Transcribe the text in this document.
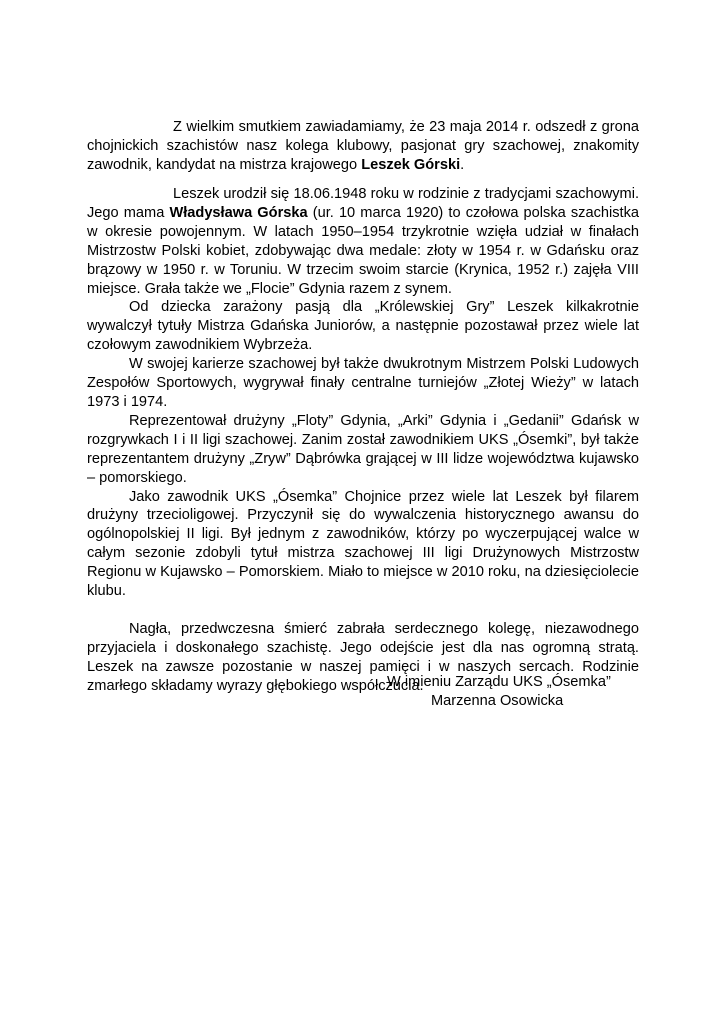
Z wielkim smutkiem zawiadamiamy, że 23 maja 2014 r. odszedł z grona chojnickich szachistów nasz kolega klubowy, pasjonat gry szachowej, znakomity zawodnik, kandydat na mistrza krajowego Leszek Górski.

Leszek urodził się 18.06.1948 roku w rodzinie z tradycjami szachowymi. Jego mama Władysława Górska (ur. 10 marca 1920) to czołowa polska szachistka w okresie powojennym. W latach 1950–1954 trzykrotnie wzięła udział w finałach Mistrzostw Polski kobiet, zdobywając dwa medale: złoty w 1954 r. w Gdańsku oraz brązowy w 1950 r. w Toruniu. W trzecim swoim starcie (Krynica, 1952 r.) zajęła VIII miejsce. Grała także we „Flocie” Gdynia razem z synem.

Od dziecka zarażony pasją dla „Królewskiej Gry” Leszek kilkakrotnie wywalczył tytuły Mistrza Gdańska Juniorów, a następnie pozostawał przez wiele lat czołowym zawodnikiem Wybrzeża.

W swojej karierze szachowej był także dwukrotnym Mistrzem Polski Ludowych Zespołów Sportowych, wygrywał finały centralne turniejów „Złotej Wieży” w latach 1973 i 1974.

Reprezentował drużyny „Floty” Gdynia, „Arki” Gdynia i „Gedanii” Gdańsk w rozgrywkach I i II ligi szachowej. Zanim został zawodnikiem UKS „Ósemki”, był także reprezentantem drużyny „Zryw” Dąbrówka grającej w III lidze województwa kujawsko – pomorskiego.

Jako zawodnik UKS „Ósemka” Chojnice przez wiele lat Leszek był filarem drużyny trzecioligowej. Przyczynił się do wywalczenia historycznego awansu do ogólnopolskiej II ligi. Był jednym z zawodników, którzy po wyczerpującej walce w całym sezonie zdobyli tytuł mistrza szachowej III ligi Drużynowych Mistrzostw Regionu w Kujawsko – Pomorskiem. Miało to miejsce w 2010 roku, na dziesięciolecie klubu.

Nagła, przedwczesna śmierć zabrała serdecznego kolegę, niezawodnego przyjaciela i doskonałego szachistę. Jego odejście jest dla nas ogromną stratą. Leszek na zawsze pozostanie w naszej pamięci i w naszych sercach. Rodzinie zmarłego składamy wyrazy głębokiego współczucia.

W imieniu Zarządu UKS „Ósemka”
Marzenna Osowicka
